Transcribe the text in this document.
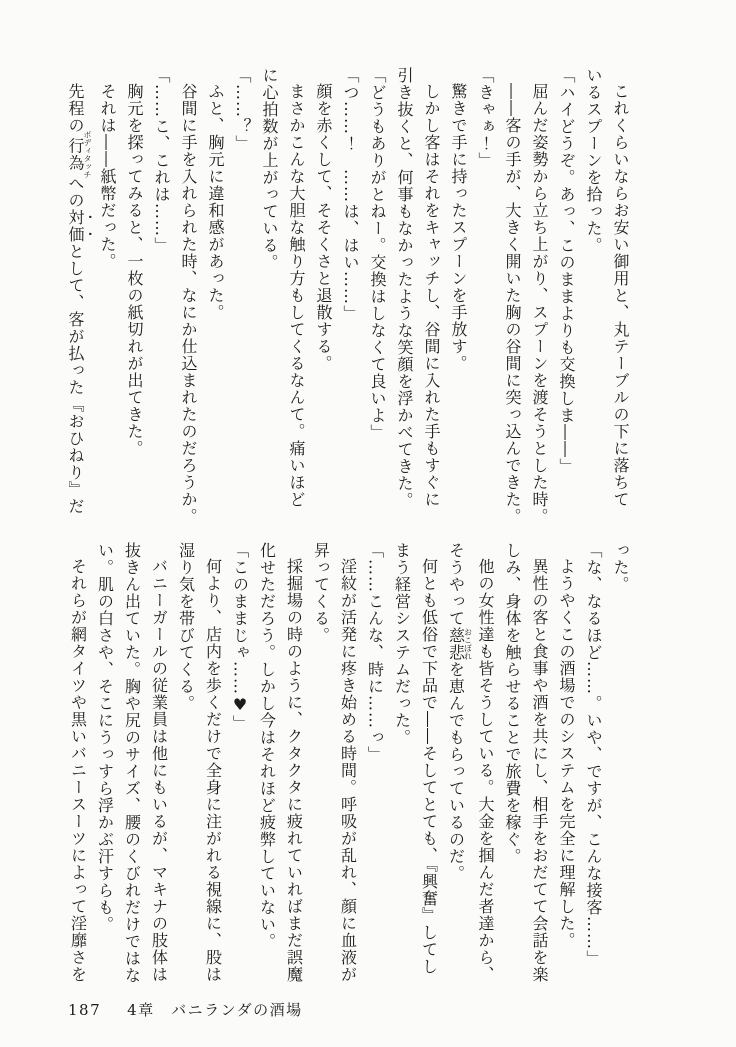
これくらいならお安い御用と、丸テーブルの下に落ちて

いるスプーンを拾った。

「ハイどうぞ。あっ、このままよりも交換しま――」

屈んだ姿勢から立ち上がり、スプーンを渡そうとした時。

――客の手が、大きく開いた胸の谷間に突っ込んできた。

「きゃぁ！」

驚きで手に持ったスプーンを手放す。

しかし客はそれをキャッチし、谷間に入れた手もすぐに

引き抜くと、何事もなかったような笑顔を浮かべてきた。

「どうもありがとねー。交換はしなくて良いよ」

「つ……！　……は、はい……」

顔を赤くして、そそくさと退散する。

まさかこんな大胆な触り方もしてくるなんて。痛いほど

に心拍数が上がっている。

「……？」

ふと、胸元に違和感があった。

谷間に手を入れられた時、なにか仕込まれたのだろうか。

「……こ、これは……」

胸元を探ってみると、一枚の紙切れが出てきた。

それは――紙幣だった。

先程の行為ボディタッチへの対価として、客が払った『おひねり』だ

った。

「な、なるほど……。いや、ですが、こんな接客……」

ようやくこの酒場でのシステムを完全に理解した。

異性の客と食事や酒を共にし、相手をおだてて会話を楽

しみ、身体を触らせることで旅費を稼ぐ。

他の女性達も皆そうしている。大金を掴んだ者達から、

そうやって慈悲おこぼれを恵んでもらっているのだ。

何とも低俗で下品で――そしてとても、『興奮』してし

まう経営システムだった。

「……こんな、時に……っ」

淫紋が活発に疼き始める時間。呼吸が乱れ、顔に血液が

昇ってくる。

採掘場の時のように、クタクタに疲れていればまだ誤魔

化せただろう。しかし今はそれほど疲弊していない。

「このままじゃ……♥」

何より、店内を歩くだけで全身に注がれる視線に、股は

湿り気を帯びてくる。

バニーガールの従業員は他にもいるが、マキナの肢体は

抜きん出ていた。胸や尻のサイズ、腰のくびれだけではな

い。肌の白さや、そこにうっすら浮かぶ汗すらも。

それらが網タイツや黒いバニースーツによって淫靡さを

187 4章　バニランダの酒場
